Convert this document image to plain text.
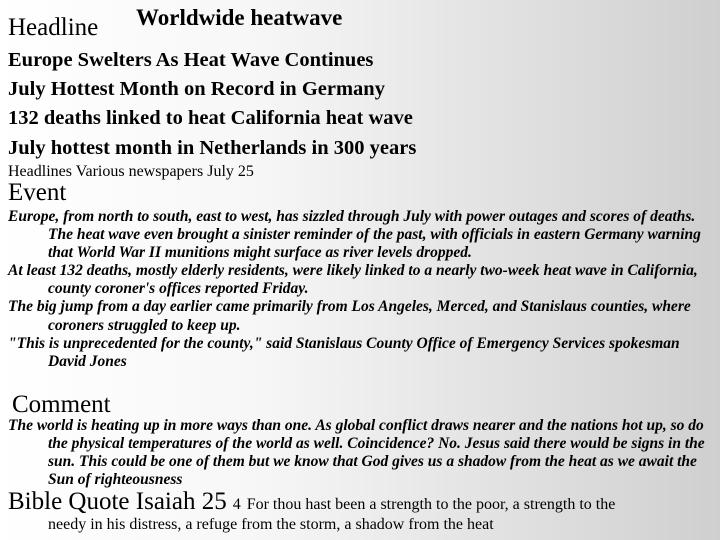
Headline Worldwide heatwave
Europe Swelters As Heat Wave Continues
July Hottest Month on Record in Germany
132 deaths linked to heat California heat wave
July hottest month in Netherlands in 300 years
Headlines Various newspapers July 25
Event
Europe, from north to south, east to west, has sizzled through July with power outages and scores of deaths. The heat wave even brought a sinister reminder of the past, with officials in eastern Germany warning that World War II munitions might surface as river levels dropped.
At least 132 deaths, mostly elderly residents, were likely linked to a nearly two-week heat wave in California, county coroner's offices reported Friday.
The big jump from a day earlier came primarily from Los Angeles, Merced, and Stanislaus counties, where coroners struggled to keep up.
"This is unprecedented for the county," said Stanislaus County Office of Emergency Services spokesman David Jones
Comment
The world is heating up in more ways than one. As global conflict draws nearer and the nations hot up, so do the physical temperatures of the world as well. Coincidence? No. Jesus said there would be signs in the sun. This could be one of them but we know that God gives us a shadow from the heat as we await the Sun of righteousness
Bible Quote Isaiah 25 4 For thou hast been a strength to the poor, a strength to the
needy in his distress, a refuge from the storm, a shadow from the heat
